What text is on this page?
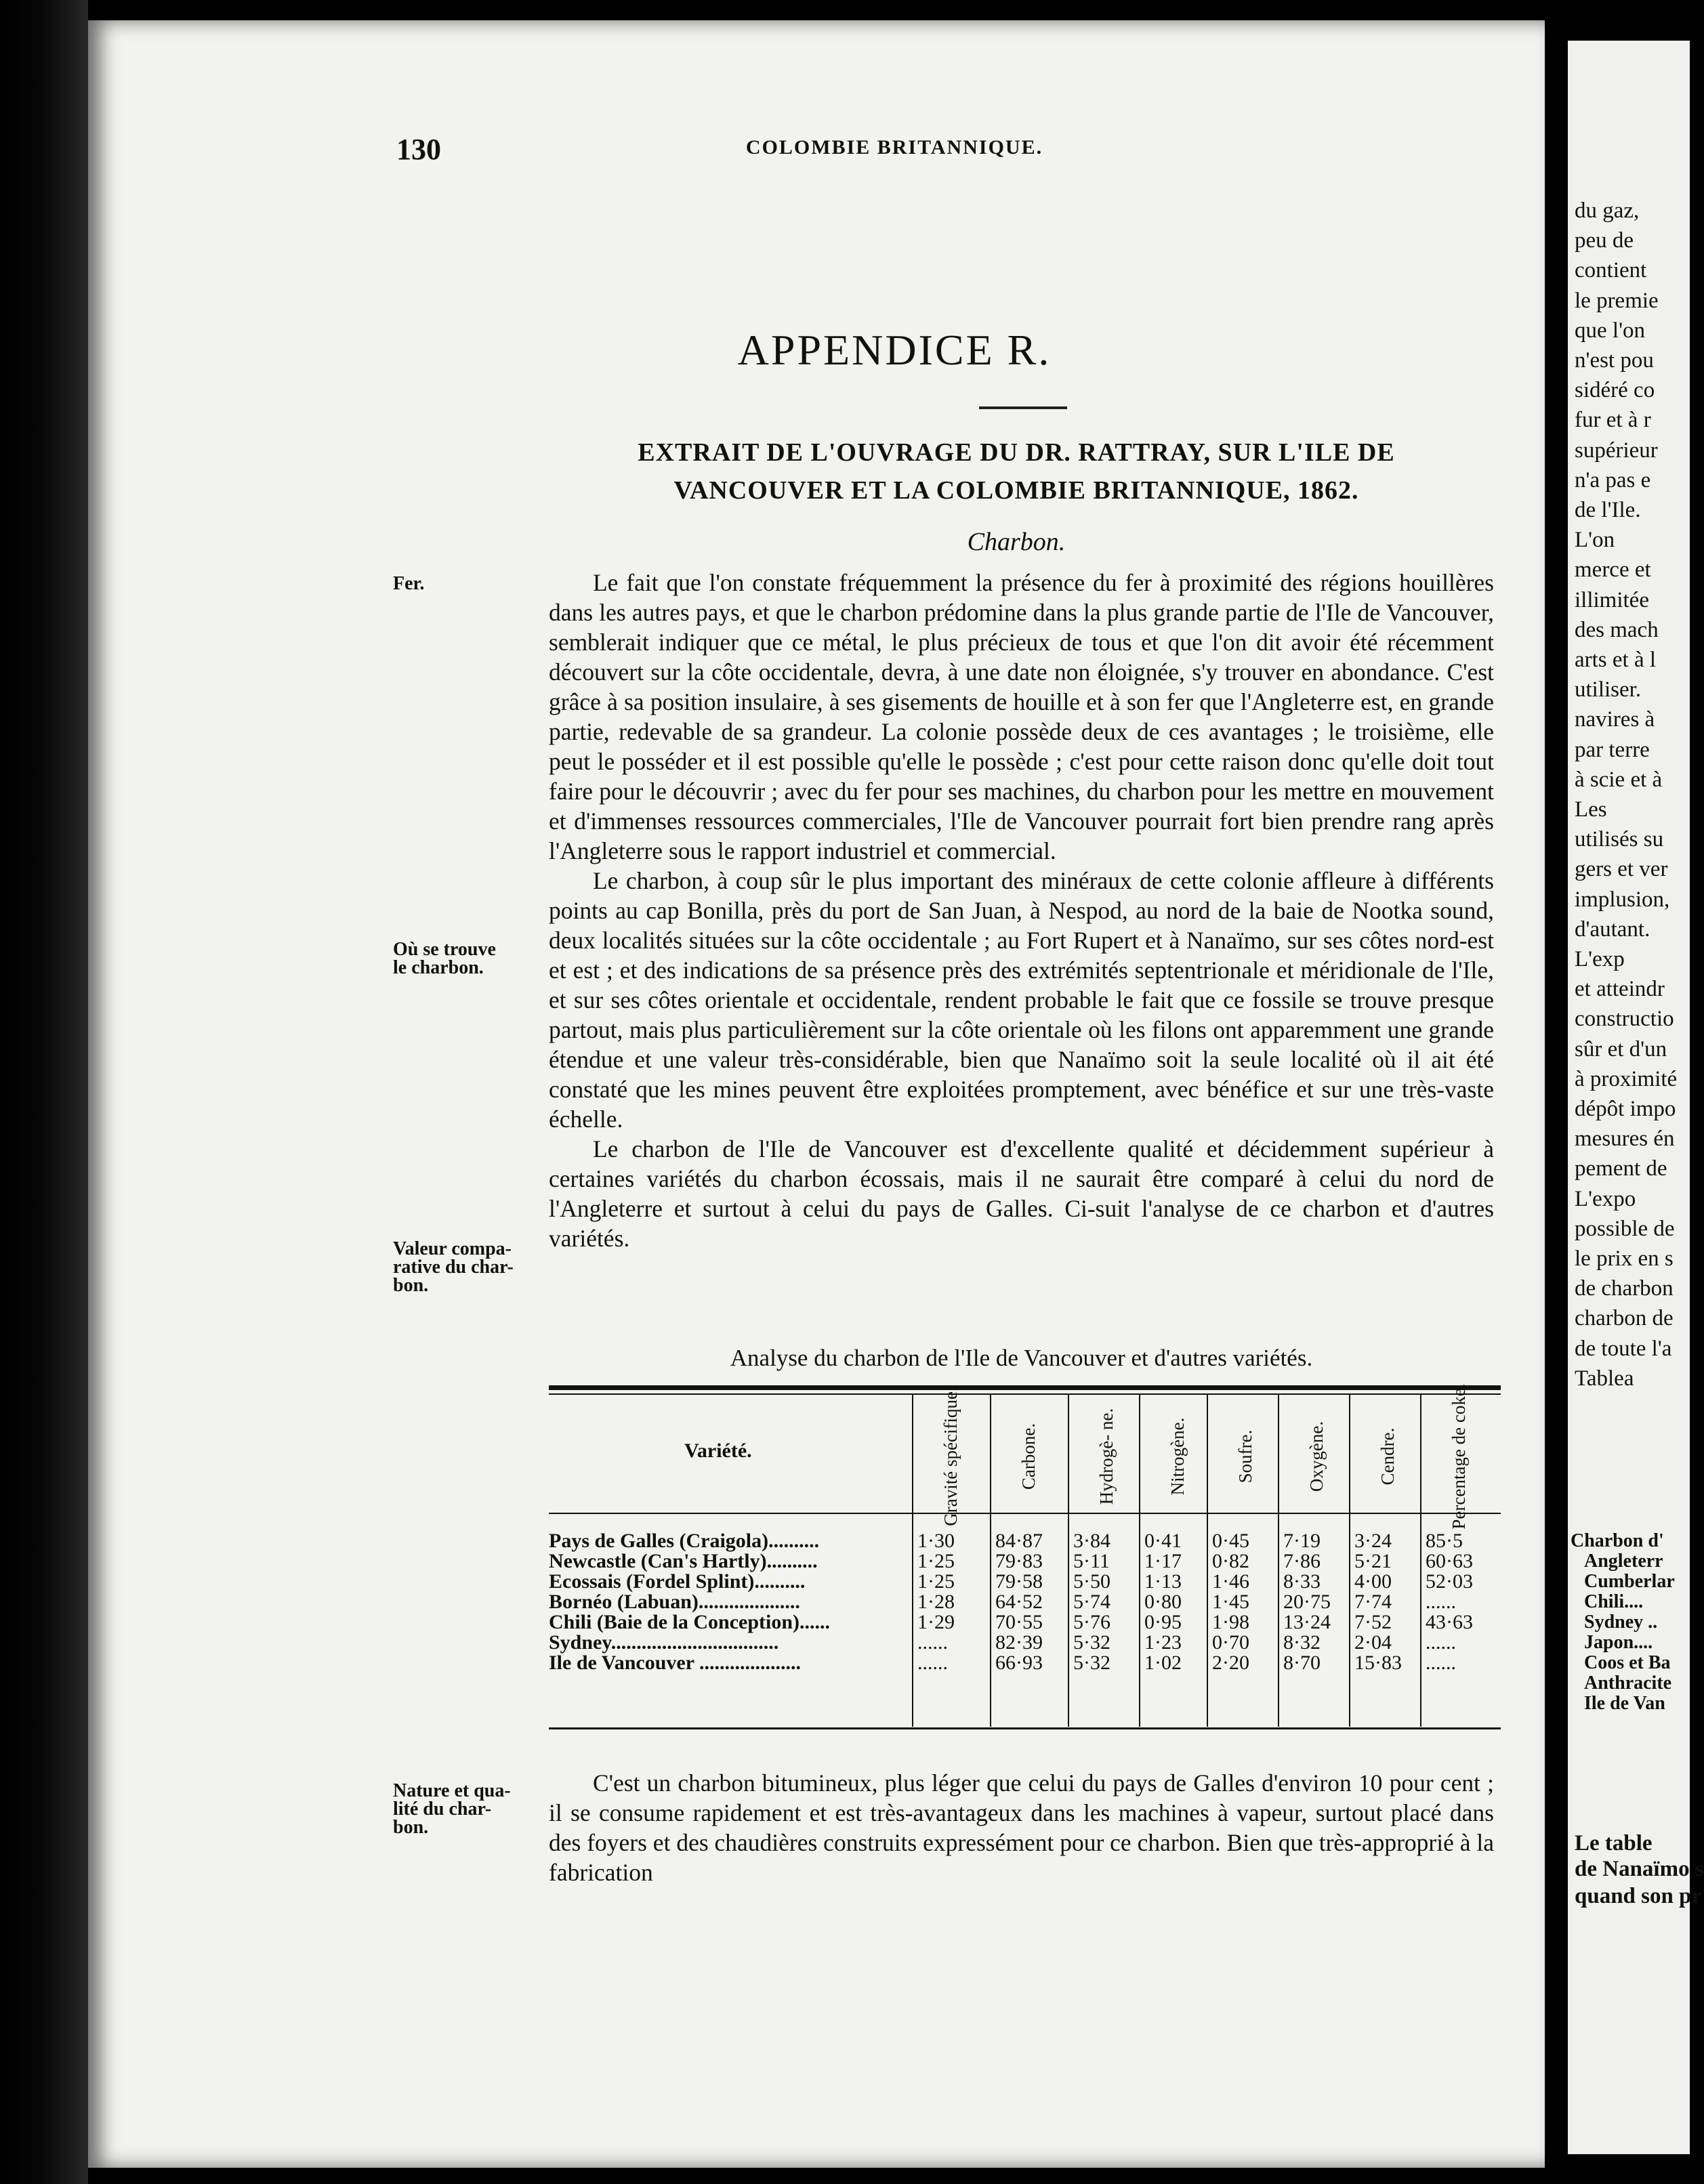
130	COLOMBIE BRITANNIQUE.
APPENDICE R.
EXTRAIT DE L'OUVRAGE DU DR. RATTRAY, SUR L'ILE DE
VANCOUVER ET LA COLOMBIE BRITANNIQUE, 1862.
Charbon.
Fer.
Où se trouve
le charbon.
Valeur compa-
rative du char-
bon.
Nature et qua-
lité du char-
bon.

Le fait que l'on constate fréquemment la présence du fer à proximité des régions houillères dans les autres pays, et que le charbon prédomine dans la plus grande partie de l'Ile de Vancouver, semblerait indiquer que ce métal, le plus précieux de tous et que l'on dit avoir été récemment découvert sur la côte occidentale, devra, à une date non éloignée, s'y trouver en abondance. C'est grâce à sa position insulaire, à ses gisements de houille et à son fer que l'Angleterre est, en grande partie, redevable de sa grandeur. La colonie possède deux de ces avantages ; le troisième, elle peut le posséder et il est possible qu'elle le possède ; c'est pour cette raison donc qu'elle doit tout faire pour le découvrir ; avec du fer pour ses machines, du charbon pour les mettre en mouvement et d'immenses ressources commerciales, l'Ile de Vancouver pourrait fort bien prendre rang après l'Angleterre sous le rapport industriel et commercial.

Le charbon, à coup sûr le plus important des minéraux de cette colonie affleure à différents points au cap Bonilla, près du port de San Juan, à Nespod, au nord de la baie de Nootka sound, deux localités situées sur la côte occidentale ; au Fort Rupert et à Nanaïmo, sur ses côtes nord-est et est ; et des indications de sa présence près des extrémités septentrionale et méridionale de l'Ile, et sur ses côtes orientale et occidentale, rendent probable le fait que ce fossile se trouve presque partout, mais plus particulièrement sur la côte orientale où les filons ont apparemment une grande étendue et une valeur très-considérable, bien que Nanaïmo soit la seule localité où il ait été constaté que les mines peuvent être exploitées promptement, avec bénéfice et sur une très-vaste échelle.

Le charbon de l'Ile de Vancouver est d'excellente qualité et décidemment supérieur à certaines variétés du charbon écossais, mais il ne saurait être comparé à celui du nord de l'Angleterre et surtout à celui du pays de Galles. Ci-suit l'analyse de ce charbon et d'autres variétés.

Analyse du charbon de l'Ile de Vancouver et d'autres variétés.
Variété.	Gravité spécifique.	Carbone.	Hydrogè- ne.	Nitrogène.	Soufre.	Oxygène.	Cendre.	Percentage de coke.
Pays de Galles (Craigola)..........	1·30	84·87	3·84	0·41	0·45	7·19	3·24	85·5
Newcastle (Can's Hartly)..........	1·25	79·83	5·11	1·17	0·82	7·86	5·21	60·63
Ecossais (Fordel Splint)..........	1·25	79·58	5·50	1·13	1·46	8·33	4·00	52·03
Bornéo (Labuan)....................	1·28	64·52	5·74	0·80	1·45	20·75	7·74	......
Chili (Baie de la Conception)......	1·29	70·55	5·76	0·95	1·98	13·24	7·52	43·63
Sydney.................................	......	82·39	5·32	1·23	0·70	8·32	2·04	......
Ile de Vancouver ....................	......	66·93	5·32	1·02	2·20	8·70	15·83	......

C'est un charbon bitumineux, plus léger que celui du pays de Galles d'environ 10 pour cent ; il se consume rapidement et est très-avantageux dans les machines à vapeur, surtout placé dans des foyers et des chaudières construits expressément pour ce charbon. Bien que très-approprié à la fabrication

du gaz,
peu de
contient
le premie
que l'on
n'est pou
sidéré co
fur et à r
supérieur
n'a pas e
de l'Ile.
L'on
merce et
illimitée
des mach
arts et à l
utiliser.
navires à
par terre
à scie et à
Les
utilisés su
gers et ver
implusion,
d'autant.
L'exp
et atteindr
constructio
sûr et d'un
à proximité
dépôt impo
mesures én
pement de
L'expo
possible de
le prix en s
de charbon
charbon de
de toute l'a
Tablea
Charbon d'
Angleterr
Cumberlar
Chili....
Sydney ..
Japon....
Coos et Ba
Anthracite
Ile de Van
Le table
de Nanaïmo s
quand son pr
